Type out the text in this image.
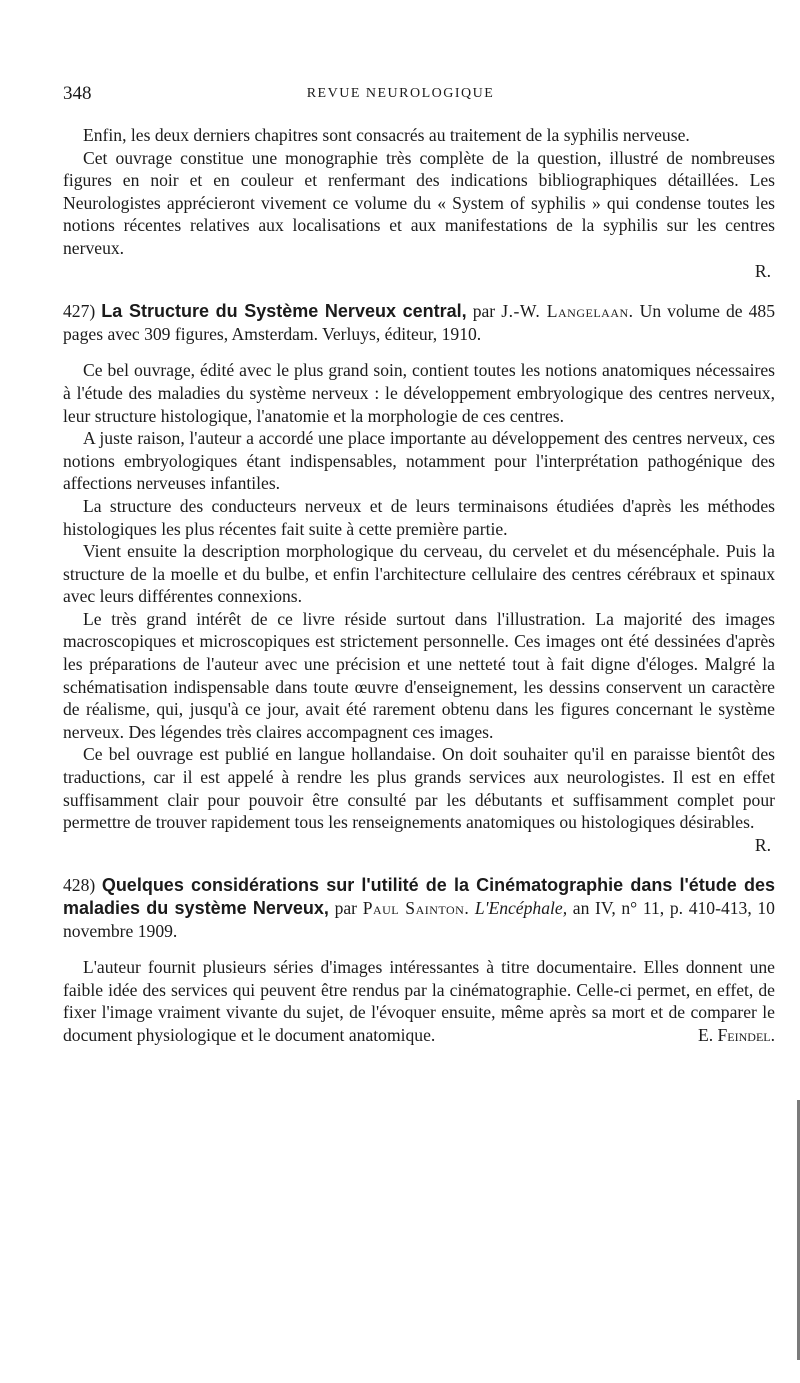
348	REVUE NEUROLOGIQUE

Enfin, les deux derniers chapitres sont consacrés au traitement de la syphilis nerveuse.

Cet ouvrage constitue une monographie très complète de la question, illustré de nombreuses figures en noir et en couleur et renfermant des indications bibliographiques détaillées. Les Neurologistes apprécieront vivement ce volume du « System of syphilis » qui condense toutes les notions récentes relatives aux localisations et aux manifestations de la syphilis sur les centres nerveux.

R.
427) La Structure du Système Nerveux central, par J.-W. Langelaan. Un volume de 485 pages avec 309 figures, Amsterdam. Verluys, éditeur, 1910.

Ce bel ouvrage, édité avec le plus grand soin, contient toutes les notions anatomiques nécessaires à l'étude des maladies du système nerveux : le développement embryologique des centres nerveux, leur structure histologique, l'anatomie et la morphologie de ces centres.

A juste raison, l'auteur a accordé une place importante au développement des centres nerveux, ces notions embryologiques étant indispensables, notamment pour l'interprétation pathogénique des affections nerveuses infantiles.

La structure des conducteurs nerveux et de leurs terminaisons étudiées d'après les méthodes histologiques les plus récentes fait suite à cette première partie.

Vient ensuite la description morphologique du cerveau, du cervelet et du mésencéphale. Puis la structure de la moelle et du bulbe, et enfin l'architecture cellulaire des centres cérébraux et spinaux avec leurs différentes connexions.

Le très grand intérêt de ce livre réside surtout dans l'illustration. La majorité des images macroscopiques et microscopiques est strictement personnelle. Ces images ont été dessinées d'après les préparations de l'auteur avec une précision et une netteté tout à fait digne d'éloges. Malgré la schématisation indispensable dans toute œuvre d'enseignement, les dessins conservent un caractère de réalisme, qui, jusqu'à ce jour, avait été rarement obtenu dans les figures concernant le système nerveux. Des légendes très claires accompagnent ces images.

Ce bel ouvrage est publié en langue hollandaise. On doit souhaiter qu'il en paraisse bientôt des traductions, car il est appelé à rendre les plus grands services aux neurologistes. Il est en effet suffisamment clair pour pouvoir être consulté par les débutants et suffisamment complet pour permettre de trouver rapidement tous les renseignements anatomiques ou histologiques désirables.

R.
428) Quelques considérations sur l'utilité de la Cinématographie dans l'étude des maladies du système Nerveux, par Paul Sainton. L'Encéphale, an IV, n° 11, p. 410-413, 10 novembre 1909.

L'auteur fournit plusieurs séries d'images intéressantes à titre documentaire. Elles donnent une faible idée des services qui peuvent être rendus par la cinématographie. Celle-ci permet, en effet, de fixer l'image vraiment vivante du sujet, de l'évoquer ensuite, même après sa mort et de comparer le document physiologique et le document anatomique.	E. Feindel.
